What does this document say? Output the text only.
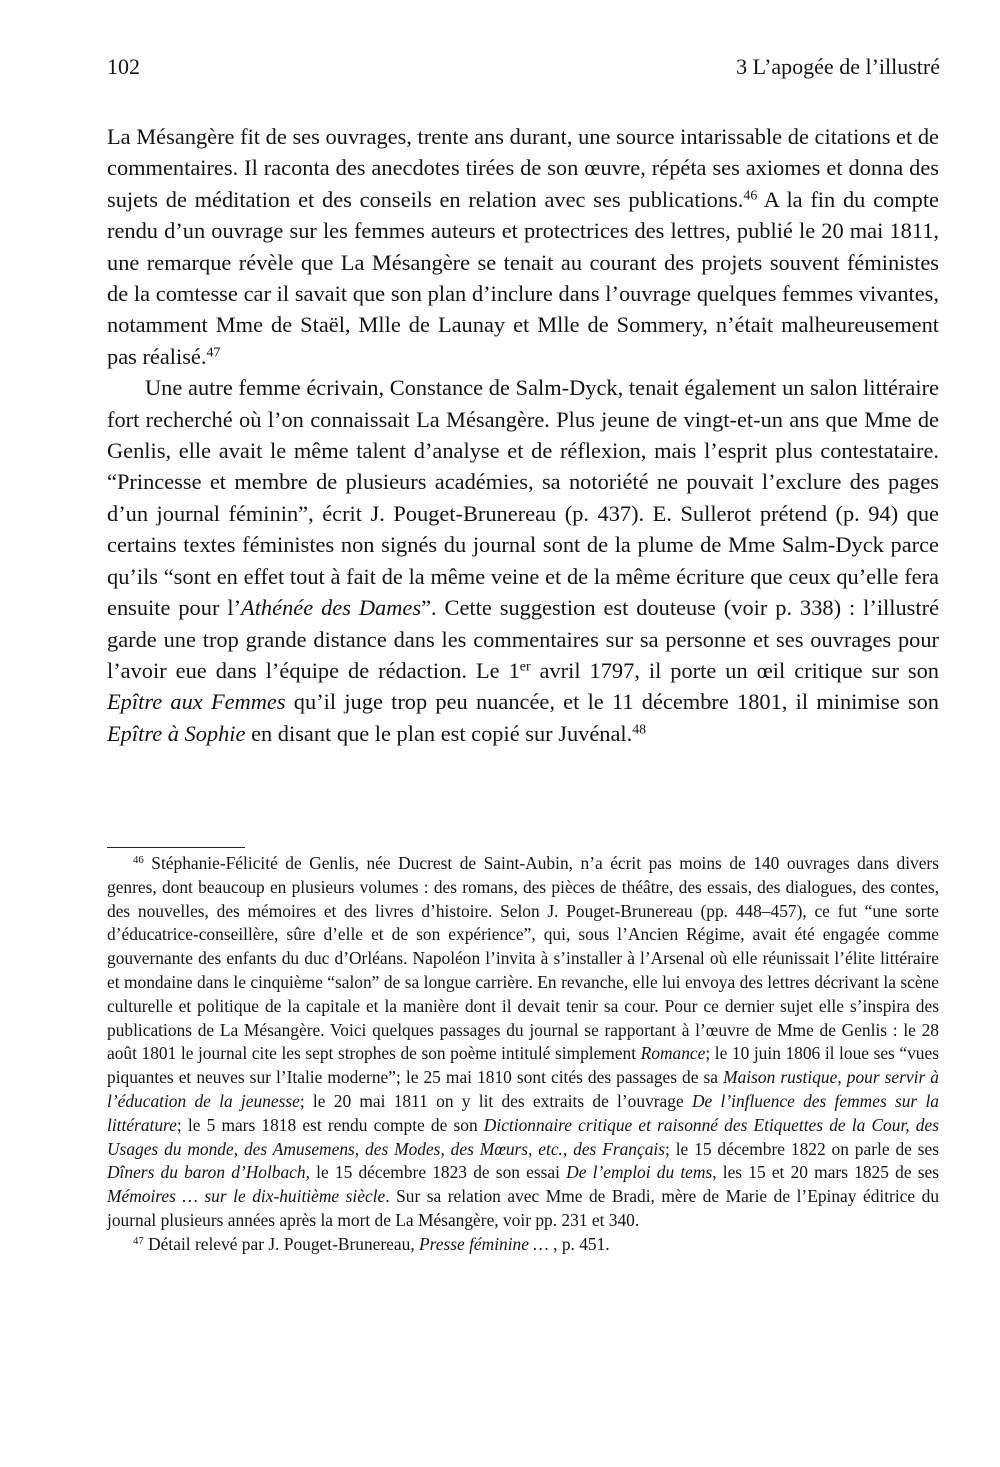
102	3 L’apogée de l’illustré

La Mésangère fit de ses ouvrages, trente ans durant, une source intarissable de citations et de commentaires. Il raconta des anecdotes tirées de son œuvre, répéta ses axiomes et donna des sujets de méditation et des conseils en relation avec ses publications.$^{46}$ A la fin du compte rendu d’un ouvrage sur les femmes auteurs et protectrices des lettres, publié le 20 mai 1811, une remarque révèle que La Mésangère se tenait au courant des projets souvent féministes de la comtesse car il savait que son plan d’inclure dans l’ouvrage quelques femmes vivantes, notamment Mme de Staël, Mlle de Launay et Mlle de Sommery, n’était malheureusement pas réalisé.$^{47}$

Une autre femme écrivain, Constance de Salm-Dyck, tenait également un salon littéraire fort recherché où l’on connaissait La Mésangère. Plus jeune de vingt-et-un ans que Mme de Genlis, elle avait le même talent d’analyse et de réflexion, mais l’esprit plus contestataire. “Princesse et membre de plusieurs académies, sa notoriété ne pouvait l’exclure des pages d’un journal féminin”, écrit J. Pouget-Brunereau (p. 437). E. Sullerot prétend (p. 94) que certains textes féministes non signés du journal sont de la plume de Mme Salm-Dyck parce qu’ils “sont en effet tout à fait de la même veine et de la même écriture que ceux qu’elle fera ensuite pour l’Athénée des Dames”. Cette suggestion est douteuse (voir p. 338) : l’illustré garde une trop grande distance dans les commentaires sur sa personne et ses ouvrages pour l’avoir eue dans l’équipe de rédaction. Le 1er avril 1797, il porte un œil critique sur son Epître aux Femmes qu’il juge trop peu nuancée, et le 11 décembre 1801, il minimise son Epître à Sophie en disant que le plan est copié sur Juvénal.$^{48}$

$^{46}$ Stéphanie-Félicité de Genlis, née Ducrest de Saint-Aubin, n’a écrit pas moins de 140 ouvrages dans divers genres, dont beaucoup en plusieurs volumes : des romans, des pièces de théâtre, des essais, des dialogues, des contes, des nouvelles, des mémoires et des livres d’histoire. Selon J. Pouget-Brunereau (pp. 448–457), ce fut “une sorte d’éducatrice-conseillère, sûre d’elle et de son expérience”, qui, sous l’Ancien Régime, avait été engagée comme gouvernante des enfants du duc d’Orléans. Napoléon l’invita à s’installer à l’Arsenal où elle réunissait l’élite littéraire et mondaine dans le cinquième “salon” de sa longue carrière. En revanche, elle lui envoya des lettres décrivant la scène culturelle et politique de la capitale et la manière dont il devait tenir sa cour. Pour ce dernier sujet elle s’inspira des publications de La Mésangère. Voici quelques passages du journal se rapportant à l’œuvre de Mme de Genlis : le 28 août 1801 le journal cite les sept strophes de son poème intitulé simplement Romance; le 10 juin 1806 il loue ses “vues piquantes et neuves sur l’Italie moderne”; le 25 mai 1810 sont cités des passages de sa Maison rustique, pour servir à l’éducation de la jeunesse; le 20 mai 1811 on y lit des extraits de l’ouvrage De l’influence des femmes sur la littérature; le 5 mars 1818 est rendu compte de son Dictionnaire critique et raisonné des Etiquettes de la Cour, des Usages du monde, des Amusemens, des Modes, des Mœurs, etc., des Français; le 15 décembre 1822 on parle de ses Dîners du baron d’Holbach, le 15 décembre 1823 de son essai De l’emploi du tems, les 15 et 20 mars 1825 de ses Mémoires … sur le dix-huitième siècle. Sur sa relation avec Mme de Bradi, mère de Marie de l’Epinay éditrice du journal plusieurs années après la mort de La Mésangère, voir pp. 231 et 340.

$^{47}$ Détail relevé par J. Pouget-Brunereau, Presse féminine … , p. 451.
